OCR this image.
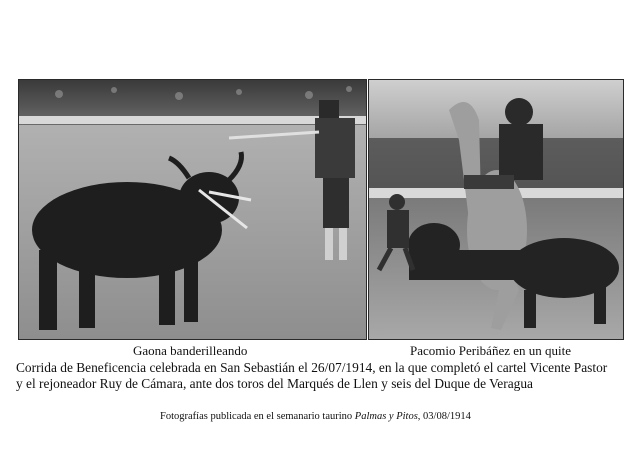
Gaona banderilleando	Pacomio Peribáñez en un quite

Corrida de Beneficencia celebrada en San Sebastián el 26/07/1914, en la que completó el cartel Vicente Pastor
y el rejoneador Ruy de Cámara, ante dos toros del Marqués de Llen y seis del Duque de Veragua

Fotografías publicada en el semanario taurino Palmas y Pitos, 03/08/1914
